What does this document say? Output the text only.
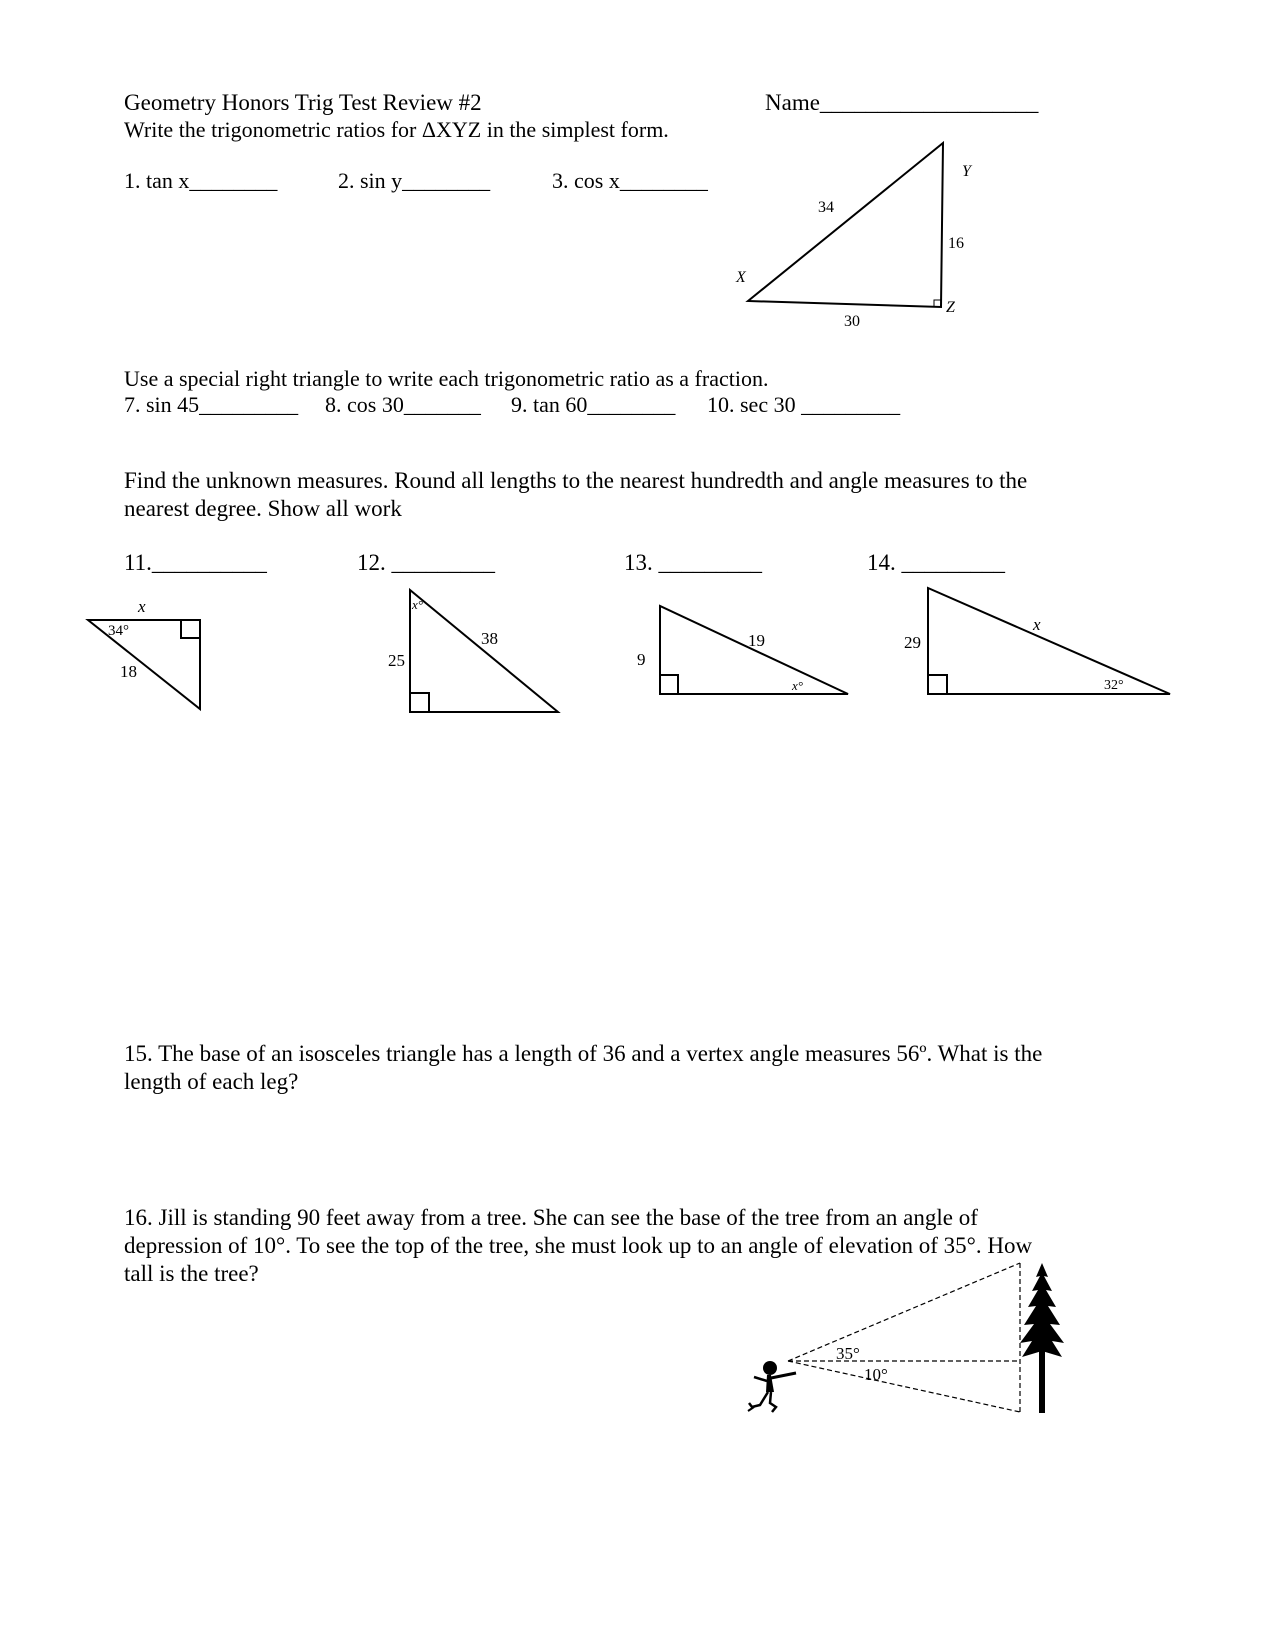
Geometry Honors Trig Test Review #2	Name___________________
Write the trigonometric ratios for ΔXYZ in the simplest form.
1. tan x________	2. sin y________	3. cos x________
X
Y
Z
34
16
30
Use a special right triangle to write each trigonometric ratio as a fraction.
7. sin 45_________ 8. cos 30_______ 9. tan 60________ 10. sec 30 _________
Find the unknown measures. Round all lengths to the nearest hundredth and angle measures to the nearest degree. Show all work
11.__________	12. _________	13. _________	14. _________
x
34°
18
x°
25
38
9
19
x°
29
x
32°
15. The base of an isosceles triangle has a length of 36 and a vertex angle measures 56º. What is the length of each leg?
16. Jill is standing 90 feet away from a tree. She can see the base of the tree from an angle of depression of 10°. To see the top of the tree, she must look up to an angle of elevation of 35°. How tall is the tree?
35°
10°
